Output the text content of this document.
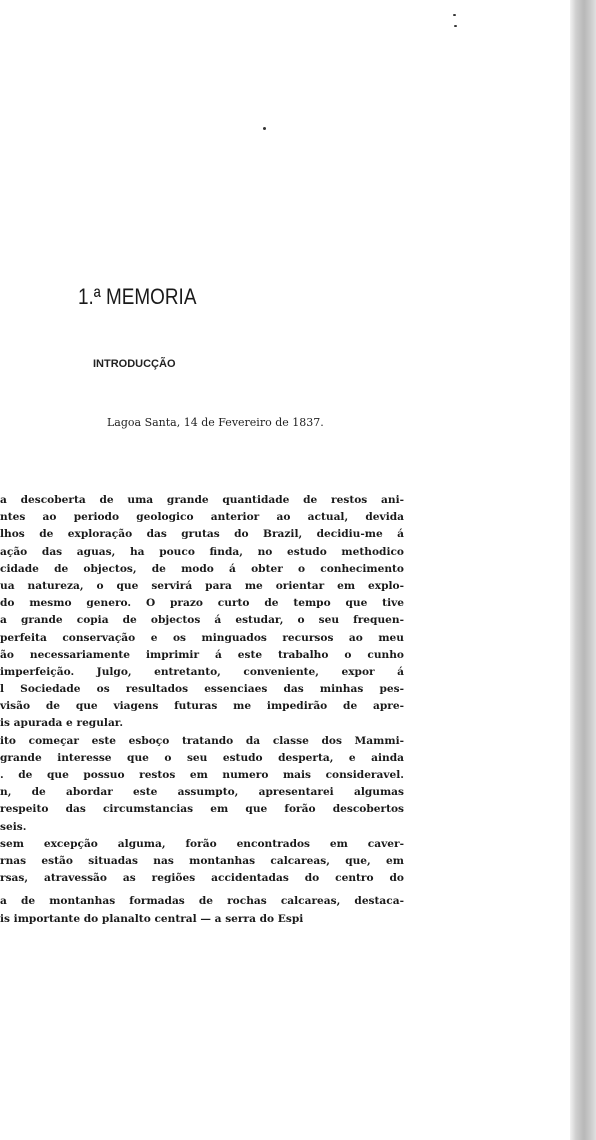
1.ª MEMORIA
INTRODUCÇÃO
Lagoa Santa, 14 de Fevereiro de 1837.
a descoberta de uma grande quantidade de restos ani-
ntes ao periodo geologico anterior ao actual, devida
lhos de exploração das grutas do Brazil, decidiu-me á
ação das aguas, ha pouco finda, no estudo methodico
cidade de objectos, de modo á obter o conhecimento
ua natureza, o que servirá para me orientar em explo-
do mesmo genero. O prazo curto de tempo que tive
a grande copia de objectos á estudar, o seu frequen-
perfeita conservação e os minguados recursos ao meu
ão necessariamente imprimir á este trabalho o cunho
imperfeição. Julgo, entretanto, conveniente, expor á
l Sociedade os resultados essenciaes das minhas pes-
visão de que viagens futuras me impedirão de apre-
is apurada e regular.
ito começar este esboço tratando da classe dos Mammi-
grande interesse que o seu estudo desperta, e ainda
. de que possuo restos em numero mais consideravel.
n, de abordar este assumpto, apresentarei algumas
respeito das circumstancias em que forão descobertos
seis.
sem excepção alguma, forão encontrados em caver-
rnas estão situadas nas montanhas calcareas, que, em
rsas, atravessão as regiões accidentadas do centro do
a de montanhas formadas de rochas calcareas, destaca-
is importante do planalto central — a serra do Espi
